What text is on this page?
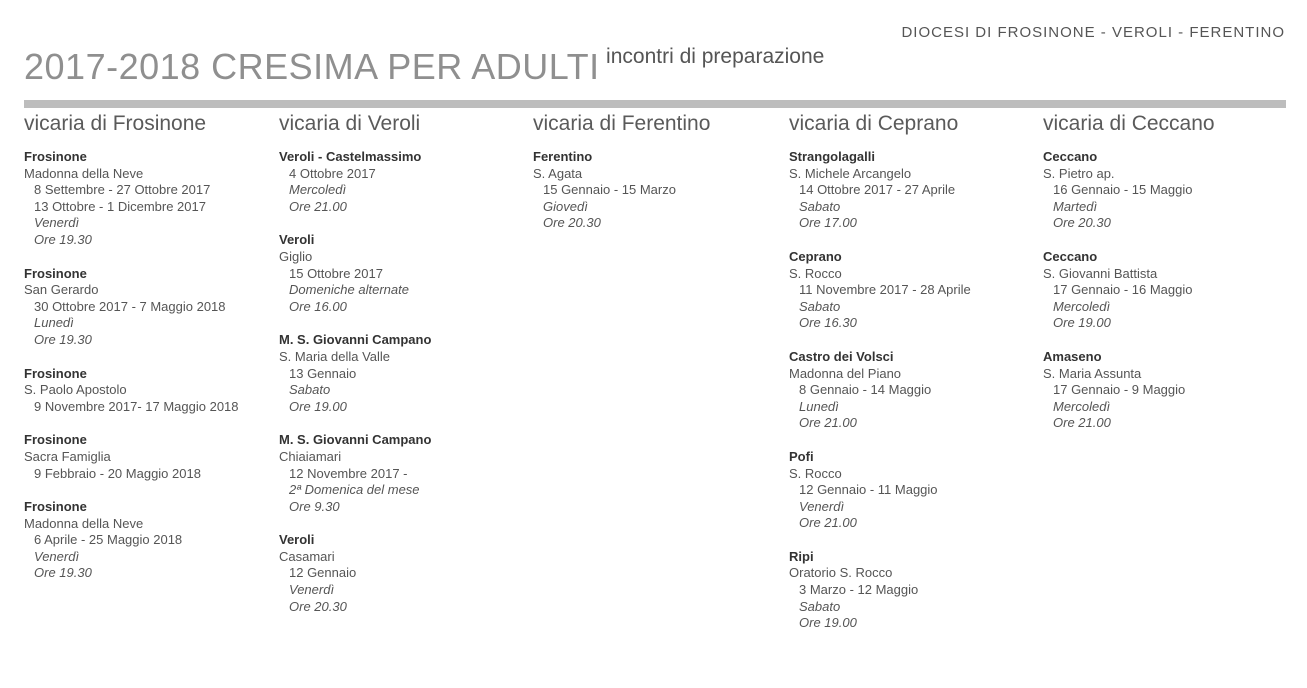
DIOCESI DI FROSINONE - VEROLI - FERENTINO
2017-2018 CRESIMA PER ADULTI incontri di preparazione
vicaria di Frosinone
Frosinone
Madonna della Neve
8 Settembre - 27 Ottobre 2017
13 Ottobre - 1 Dicembre 2017
Venerdì
Ore 19.30
Frosinone
San Gerardo
30 Ottobre 2017 - 7 Maggio 2018
Lunedì
Ore 19.30
Frosinone
S. Paolo Apostolo
9 Novembre 2017- 17 Maggio 2018
Frosinone
Sacra Famiglia
9 Febbraio - 20 Maggio 2018
Frosinone
Madonna della Neve
6 Aprile - 25 Maggio 2018
Venerdì
Ore 19.30
vicaria di Veroli
Veroli - Castelmassimo
4 Ottobre 2017
Mercoledì
Ore 21.00
Veroli
Giglio
15 Ottobre 2017
Domeniche alternate
Ore 16.00
M. S. Giovanni Campano
S. Maria della Valle
13 Gennaio
Sabato
Ore 19.00
M. S. Giovanni Campano
Chiaiamari
12 Novembre 2017 -
2ª Domenica del mese
Ore 9.30
Veroli
Casamari
12 Gennaio
Venerdì
Ore 20.30
vicaria di Ferentino
Ferentino
S. Agata
15 Gennaio - 15 Marzo
Giovedì
Ore 20.30
vicaria di Ceprano
Strangolagalli
S. Michele Arcangelo
14 Ottobre 2017 - 27 Aprile
Sabato
Ore 17.00
Ceprano
S. Rocco
11 Novembre 2017 - 28 Aprile
Sabato
Ore 16.30
Castro dei Volsci
Madonna del Piano
8 Gennaio - 14 Maggio
Lunedì
Ore 21.00
Pofi
S. Rocco
12 Gennaio - 11 Maggio
Venerdì
Ore 21.00
Ripi
Oratorio S. Rocco
3 Marzo - 12 Maggio
Sabato
Ore 19.00
vicaria di Ceccano
Ceccano
S. Pietro ap.
16 Gennaio - 15 Maggio
Martedì
Ore 20.30
Ceccano
S. Giovanni Battista
17 Gennaio - 16 Maggio
Mercoledì
Ore 19.00
Amaseno
S. Maria Assunta
17 Gennaio - 9 Maggio
Mercoledì
Ore 21.00
